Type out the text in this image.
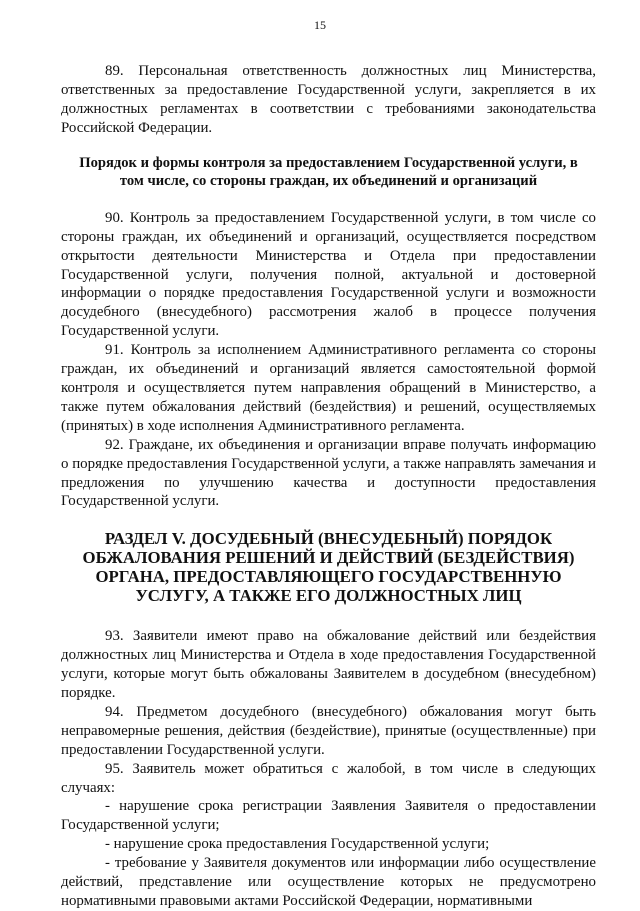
15

89. Персональная ответственность должностных лиц Министерства, ответственных за предоставление Государственной услуги, закрепляется в их должностных регламентах в соответствии с требованиями законодательства Российской Федерации.

Порядок и формы контроля за предоставлением Государственной услуги, в том числе, со стороны граждан, их объединений и организаций

90. Контроль за предоставлением Государственной услуги, в том числе со стороны граждан, их объединений и организаций, осуществляется посредством открытости деятельности Министерства и Отдела при предоставлении Государственной услуги, получения полной, актуальной и достоверной информации о порядке предоставления Государственной услуги и возможности досудебного (внесудебного) рассмотрения жалоб в процессе получения Государственной услуги.

91. Контроль за исполнением Административного регламента со стороны граждан, их объединений и организаций является самостоятельной формой контроля и осуществляется путем направления обращений в Министерство, а также путем обжалования действий (бездействия) и решений, осуществляемых (принятых) в ходе исполнения Административного регламента.

92. Граждане, их объединения и организации вправе получать информацию о порядке предоставления Государственной услуги, а также направлять замечания и предложения по улучшению качества и доступности предоставления Государственной услуги.

РАЗДЕЛ V. ДОСУДЕБНЫЙ (ВНЕСУДЕБНЫЙ) ПОРЯДОК ОБЖАЛОВАНИЯ РЕШЕНИЙ И ДЕЙСТВИЙ (БЕЗДЕЙСТВИЯ) ОРГАНА, ПРЕДОСТАВЛЯЮЩЕГО ГОСУДАРСТВЕННУЮ УСЛУГУ, А ТАКЖЕ ЕГО ДОЛЖНОСТНЫХ ЛИЦ

93. Заявители имеют право на обжалование действий или бездействия должностных лиц Министерства и Отдела в ходе предоставления Государственной услуги, которые могут быть обжалованы Заявителем в досудебном (внесудебном) порядке.

94. Предметом досудебного (внесудебного) обжалования могут быть неправомерные решения, действия (бездействие), принятые (осуществленные) при предоставлении Государственной услуги.

95. Заявитель может обратиться с жалобой, в том числе в следующих случаях:

- нарушение срока регистрации Заявления Заявителя о предоставлении Государственной услуги;

- нарушение срока предоставления Государственной услуги;

- требование у Заявителя документов или информации либо осуществление действий, представление или осуществление которых не предусмотрено нормативными правовыми актами Российской Федерации, нормативными
